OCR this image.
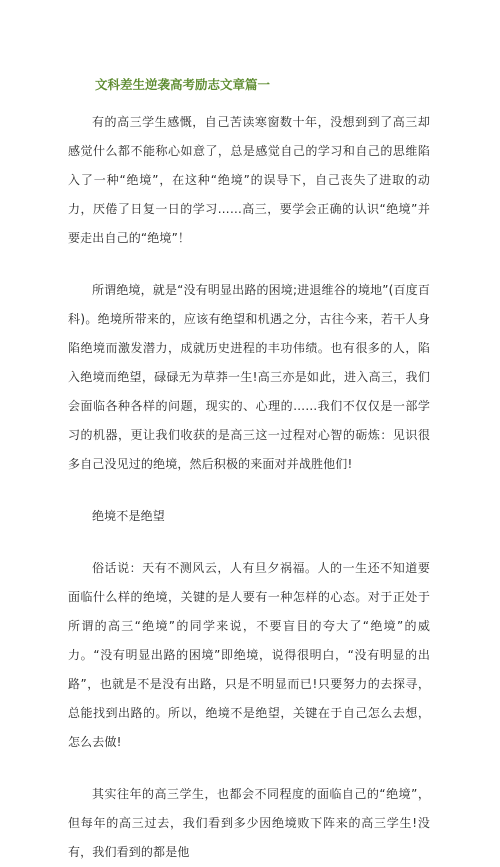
文科差生逆袭高考励志文章篇一

有的高三学生感慨，自己苦读寒窗数十年，没想到到了高三却感觉什么都不能称心如意了，总是感觉自己的学习和自己的思维陷入了一种“绝境”，在这种“绝境”的误导下，自己丧失了进取的动力，厌倦了日复一日的学习……高三，要学会正确的认识“绝境”并要走出自己的“绝境”！

所谓绝境，就是“没有明显出路的困境;进退维谷的境地”(百度百科)。绝境所带来的，应该有绝望和机遇之分，古往今来，若干人身陷绝境而激发潜力，成就历史进程的丰功伟绩。也有很多的人，陷入绝境而绝望，碌碌无为草莽一生!高三亦是如此，进入高三，我们会面临各种各样的问题，现实的、心理的……我们不仅仅是一部学习的机器，更让我们收获的是高三这一过程对心智的砺炼：见识很多自己没见过的绝境，然后积极的来面对并战胜他们!

绝境不是绝望

俗话说：天有不测风云，人有旦夕祸福。人的一生还不知道要面临什么样的绝境，关键的是人要有一种怎样的心态。对于正处于所谓的高三“绝境”的同学来说，不要盲目的夸大了“绝境”的威力。“没有明显出路的困境”即绝境，说得很明白，“没有明显的出路”，也就是不是没有出路，只是不明显而已!只要努力的去探寻，总能找到出路的。所以，绝境不是绝望，关键在于自己怎么去想，怎么去做!

其实往年的高三学生，也都会不同程度的面临自己的“绝境”，但每年的高三过去，我们看到多少因绝境败下阵来的高三学生!没有，我们看到的都是他
